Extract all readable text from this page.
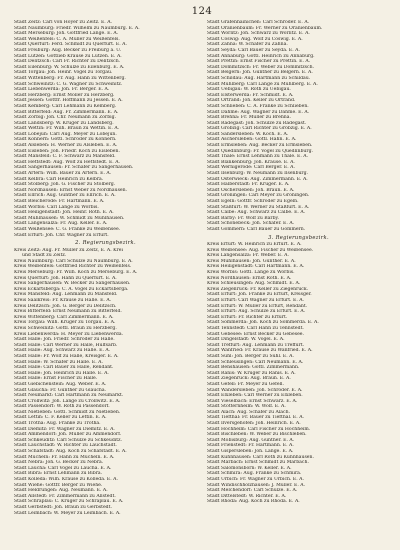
124
Stadt Zeitz: Carl von Hoyer zu Zeitz. E. A.
Stadt Naumburg: Friedr. Wilhelm zu Naumburg. E. A.
Stadt Merseburg: Joh. Gottfried Lange. E. A.
Stadt Weißenfels: C. A. Müller zu Weißenfels.
Stadt Querfurt: Ferd. Schmidt zu Querfurt. E. A.
Stadt Freiburg: Aug. Becker zu Freiburg a. U.
Stadt Lützen: Gottlieb Krause zu Lützen. E. A.
Stadt Delitzsch: Carl Fr. Richter zu Delitzsch.
Stadt Eilenburg: W. Schulze zu Eilenburg. E. A.
Stadt Torgau: Joh. Heinr. Vogel zu Torgau.
Stadt Wittenberg: Fr. Aug. Hahn zu Wittenberg.
Stadt Schweinitz: C. G. Wagner zu Schweinitz.
Stadt Liebenwerda: Joh. Fr. Berger. E. A.
Stadt Herzberg: Ernst Möller zu Herzberg.
Stadt Jessen: Gottfr. Hoffmann zu Jessen. E. A.
Stadt Kemberg: Carl Lehmann zu Kemberg.
Stadt Bitterfeld: Aug. Fr. Zimmermann. E. A.
Stadt Zörbig: Joh. Chr. Neumann zu Zörbig.
Stadt Landsberg: W. Krüger zu Landsberg.
Stadt Wettin: Fr. Wilh. Braun zu Wettin. E. A.
Stadt Löbejün: Carl Aug. Meyer zu Löbejün.
Stadt Könnern: Gottl. Schröder zu Könnern.
Stadt Alsleben: H. Werner zu Alsleben. E. A.
Stadt Eisleben: Joh. Friedr. Koch zu Eisleben.
Stadt Mansfeld: C. F. Schwarz zu Mansfeld.
Stadt Hettstedt: Aug. Wolf zu Hettstedt. E. A.
Stadt Sangerhausen: Fr. Schäfer zu Sangerhausen.
Stadt Artern: Wilh. Bauer zu Artern. E. A.
Stadt Kelbra: Carl Heinrich zu Kelbra.
Stadt Stolberg: Joh. G. Fischer zu Stolberg.
Stadt Nordhausen: Ernst Weber zu Nordhausen.
Stadt Ellrich: Aug. Günther zu Ellrich. E. A.
Stadt Bleicherode: Fr. Hartmann. E. A.
Stadt Worbis: Carl Lange zu Worbis.
Stadt Heiligenstadt: Joh. Heinr. Roth. E. A.
Stadt Mühlhausen: W. Schmidt zu Mühlhausen.
Stadt Langensalza: Fr. Aug. Keller. E. A.
Stadt Weißensee: C. G. Franke zu Weißensee.
Stadt Erfurt: Joh. Chr. Wagner zu Erfurt.
2. Regierungsbezirk.
Kreis Zeitz: Aug. Fr. Müller zu Zeitz, E. A. Krei
und Stadt zu Zeitz.
Kreis Naumburg: Carl Schulze zu Naumburg. E. A.
Kreis Weißenfels: Gottfried Richter zu Weißenfels.
Kreis Merseburg: Fr. Wilh. Koch zu Merseburg. E. A.
Kreis Querfurt: Joh. Hahn zu Querfurt. E. A.
Kreis Sangerhausen: W. Becker zu Sangerhausen.
Kreis Eckartsberga: C. A. Vogel zu Eckartsberga.
Kreis Mansfeld: Aug. Lehmann zu Mansfeld.
Kreis Saalkreis: Fr. Krause zu Halle. E. A.
Kreis Delitzsch: Joh. G. Berger zu Delitzsch.
Kreis Bitterfeld: Ernst Neumann zu Bitterfeld.
Kreis Wittenberg: Carl Zimmermann. E. A.
Kreis Torgau: Wilh. Krüger zu Torgau. E. A.
Kreis Schweinitz: Gottl. Braun zu Herzberg.
Kreis Liebenwerda: H. Meyer zu Liebenwerda.
Stadt Halle: Joh. Friedr. Schröder zu Halle.
Stadt Halle: Carl Werner zu Halle, Hülfsarb.
Stadt Halle: Aug. Schwarz zu Halle. E. A.
Stadt Halle: Fr. Wolf zu Halle, Kreisger. E. A.
Stadt Halle: W. Schäfer zu Halle. E. A.
Stadt Halle: Carl Bauer zu Halle, Rendant.
Stadt Halle: Joh. Heinrich zu Halle. E. A.
Stadt Halle: Ernst Fischer zu Halle.
Stadt Giebichenstein: Aug. Weber. E. A.
Stadt Glaucha: Fr. Günther zu Glaucha.
Stadt Neumarkt: Carl Hartmann zu Neumarkt.
Stadt Cröllwitz: Joh. Lange zu Cröllwitz. E. A.
Stadt Passendorf: W. Roth zu Passendorf.
Stadt Nietleben: Gottl. Schmidt zu Nietleben.
Stadt Lettin: C. F. Keller zu Lettin. E. A.
Stadt Trotha: Aug. Franke zu Trotha.
Stadt Diemitz: Fr. Wagner zu Diemitz. E. A.
Stadt Ammendorf: Joh. Müller zu Ammendorf.
Stadt Schkeuditz: Carl Schulze zu Schkeuditz.
Stadt Lauchstädt: W. Richter zu Lauchstädt.
Stadt Schafstädt: Aug. Koch zu Schafstädt. E. A.
Stadt Mücheln: Fr. Hahn zu Mücheln. E. A.
Stadt Nebra: Joh. G. Becker zu Nebra.
Stadt Laucha: Carl Vogel zu Laucha. E. A.
Stadt Bibra: Ernst Lehmann zu Bibra.
Stadt Kölleda: Wilh. Krause zu Kölleda. E. A.
Stadt Wiehe: Gottfr. Berger zu Wiehe.
Stadt Heldrungen: Aug. Neumann. E. A.
Stadt Allstedt: Fr. Zimmermann zu Allstedt.
Stadt Schraplau: C. Krüger zu Schraplau. E. A.
Stadt Gerbstedt: Joh. Braun zu Gerbstedt.
Stadt Leimbach: W. Meyer zu Leimbach. E. A.
Stadt Gräfenhainichen: Carl Schröder. E. A.
Stadt Oranienbaum: Fr. Werner zu Oranienbaum.
Stadt Wörlitz: Joh. Schwarz zu Wörlitz. E. A.
Stadt Coswig: Aug. Wolf zu Coswig. E. A.
Stadt Zahna: W. Schäfer zu Zahna.
Stadt Seyda: Carl Bauer zu Seyda. E. A.
Stadt Annaburg: Gottl. Heinrich zu Annaburg.
Stadt Prettin: Ernst Fischer zu Prettin. E. A.
Stadt Dommitzsch: Fr. Weber zu Dommitzsch.
Stadt Belgern: Joh. Günther zu Belgern. E. A.
Stadt Schildau: Aug. Hartmann zu Schildau.
Stadt Mühlberg: Carl Lange zu Mühlberg. E. A.
Stadt Uebigau: W. Roth zu Uebigau.
Stadt Elsterwerda: Fr. Schmidt. E. A.
Stadt Ortrand: Joh. Keller zu Ortrand.
Stadt Schlieben: C. A. Franke zu Schlieben.
Stadt Dahme: Aug. Wagner zu Dahme. E. A.
Stadt Brehna: Fr. Müller zu Brehna.
Stadt Radegast: Joh. Schulze zu Radegast.
Stadt Gröbzig: Carl Richter zu Gröbzig. E. A.
Stadt Sandersleben: W. Koch. E. A.
Stadt Aschersleben: Gottl. Hahn. E. A.
Stadt Ermsleben: Aug. Becker zu Ermsleben.
Stadt Quedlinburg: Fr. Vogel zu Quedlinburg.
Stadt Thale: Ernst Lehmann zu Thale. E. A.
Stadt Blankenburg: Joh. Krause. E. A.
Stadt Wernigerode: Carl Berger. E. A.
Stadt Ilsenburg: W. Neumann zu Ilsenburg.
Stadt Osterwieck: Aug. Zimmermann. E. A.
Stadt Halberstadt: Fr. Krüger. E. A.
Stadt Oschersleben: Joh. Braun. E. A.
Stadt Gröningen: Carl Meyer zu Gröningen.
Stadt Egeln: Gottfr. Schröder zu Egeln.
Stadt Staßfurt: W. Werner zu Staßfurt. E. A.
Stadt Calbe: Aug. Schwarz zu Calbe. E. A.
Stadt Barby: Fr. Wolf zu Barby.
Stadt Schönebeck: Joh. Schäfer. E. A.
Stadt Gommern: Carl Bauer zu Gommern.
3. Regierungsbezirk.
Kreis Erfurt: W. Heinrich zu Erfurt. E. A.
Kreis Weißensee: Aug. Fischer zu Weißensee.
Kreis Langensalza: Fr. Weber. E. A.
Kreis Mühlhausen: Joh. Günther. E. A.
Kreis Heiligenstadt: Carl Hartmann. E. A.
Kreis Worbis: Gottl. Lange zu Worbis.
Kreis Nordhausen: Ernst Roth. E. A.
Kreis Schleusingen: Aug. Schmidt. E. A.
Kreis Ziegenrück: Fr. Keller zu Ziegenrück.
Stadt Erfurt: Joh. Franke zu Erfurt, Kreisger.
Stadt Erfurt: Carl Wagner zu Erfurt. E. A.
Stadt Erfurt: W. Müller zu Erfurt, Rendant.
Stadt Erfurt: Aug. Schulze zu Erfurt. E. A.
Stadt Erfurt: Fr. Richter zu Erfurt.
Stadt Sömmerda: Joh. Koch zu Sömmerda. E. A.
Stadt Tennstedt: Carl Hahn zu Tennstedt.
Stadt Gebesee: Ernst Becker zu Gebesee.
Stadt Dingelstädt: W. Vogel. E. A.
Stadt Treffurt: Aug. Lehmann zu Treffurt.
Stadt Wanfried: Fr. Krause zu Wanfried. E. A.
Stadt Suhl: Joh. Berger zu Suhl. E. A.
Stadt Schleusingen: Carl Neumann. E. A.
Stadt Benshausen: Gottl. Zimmermann.
Stadt Ranis: W. Krüger zu Ranis. E. A.
Stadt Ziegenrück: Aug. Braun. E. A.
Stadt Gefell: Fr. Meyer zu Gefell.
Stadt Wandersleben: Joh. Schröder. E. A.
Stadt Elxleben: Carl Werner zu Elxleben.
Stadt Vieselbach: Ernst Schwarz. E. A.
Stadt Stotternheim: W. Wolf. E. A.
Stadt Alach: Aug. Schäfer zu Alach.
Stadt Tiefthal: Fr. Bauer zu Tiefthal. E. A.
Stadt Ilversgehofen: Joh. Heinrich. E. A.
Stadt Hochheim: Carl Fischer zu Hochheim.
Stadt Bischleben: W. Weber zu Bischleben.
Stadt Möbisburg: Aug. Günther. E. A.
Stadt Frienstedt: Fr. Hartmann. E. A.
Stadt Gispersleben: Joh. Lange. E. A.
Stadt Kühnhausen: Carl Roth zu Kühnhausen.
Stadt Marbach: Ernst Schmidt zu Marbach.
Stadt Salomonsborn: W. Keller. E. A.
Stadt Schmira: Aug. Franke zu Schmira.
Stadt Urbich: Fr. Wagner zu Urbich. E. A.
Stadt Windischholzhausen: J. Müller. E. A.
Stadt Melchendorf: Carl Schulze. E. A.
Stadt Dittelstedt: W. Richter. E. A.
Stadt Rhoda: Aug. Koch zu Rhoda. E. A.
